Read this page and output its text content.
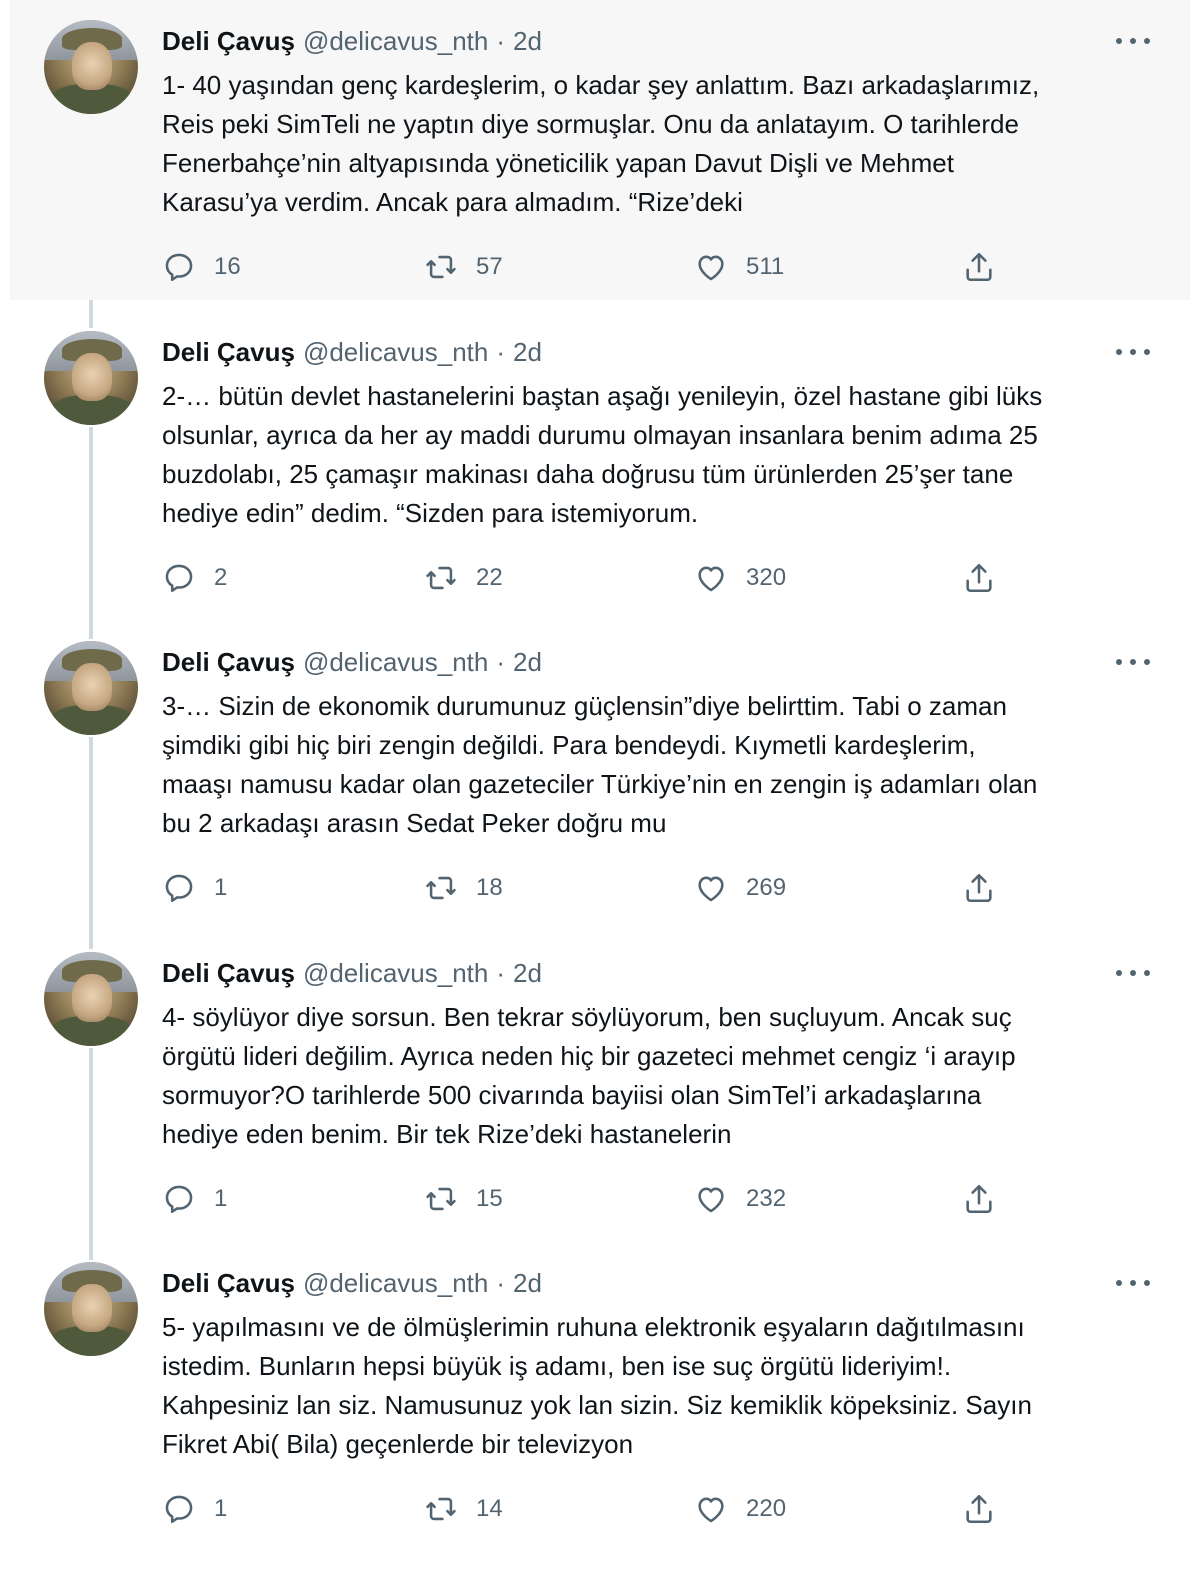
Deli Çavuş @delicavus_nth · 2d
1- 40 yaşından genç kardeşlerim, o kadar şey anlattım. Bazı arkadaşlarımız,
Reis peki SimTeli ne yaptın diye sormuşlar. Onu da anlatayım. O tarihlerde
Fenerbahçe’nin altyapısında yöneticilik yapan Davut Dişli ve Mehmet
Karasu’ya verdim. Ancak para almadım. “Rize’deki
16	57	511
Deli Çavuş @delicavus_nth · 2d
2-… bütün devlet hastanelerini baştan aşağı yenileyin, özel hastane gibi lüks
olsunlar, ayrıca da her ay maddi durumu olmayan insanlara benim adıma 25
buzdolabı, 25 çamaşır makinası daha doğrusu tüm ürünlerden 25’şer tane
hediye edin” dedim. “Sizden para istemiyorum.
2	22	320
Deli Çavuş @delicavus_nth · 2d
3-… Sizin de ekonomik durumunuz güçlensin”diye belirttim. Tabi o zaman
şimdiki gibi hiç biri zengin değildi. Para bendeydi. Kıymetli kardeşlerim,
maaşı namusu kadar olan gazeteciler Türkiye’nin en zengin iş adamları olan
bu 2 arkadaşı arasın Sedat Peker doğru mu
1	18	269
Deli Çavuş @delicavus_nth · 2d
4- söylüyor diye sorsun. Ben tekrar söylüyorum, ben suçluyum. Ancak suç
örgütü lideri değilim. Ayrıca neden hiç bir gazeteci mehmet cengiz ‘i arayıp
sormuyor?O tarihlerde 500 civarında bayiisi olan SimTel’i arkadaşlarına
hediye eden benim. Bir tek Rize’deki hastanelerin
1	15	232
Deli Çavuş @delicavus_nth · 2d
5- yapılmasını ve de ölmüşlerimin ruhuna elektronik eşyaların dağıtılmasını
istedim. Bunların hepsi büyük iş adamı, ben ise suç örgütü lideriyim!.
Kahpesiniz lan siz. Namusunuz yok lan sizin. Siz kemiklik köpeksiniz. Sayın
Fikret Abi( Bila) geçenlerde bir televizyon
1	14	220
